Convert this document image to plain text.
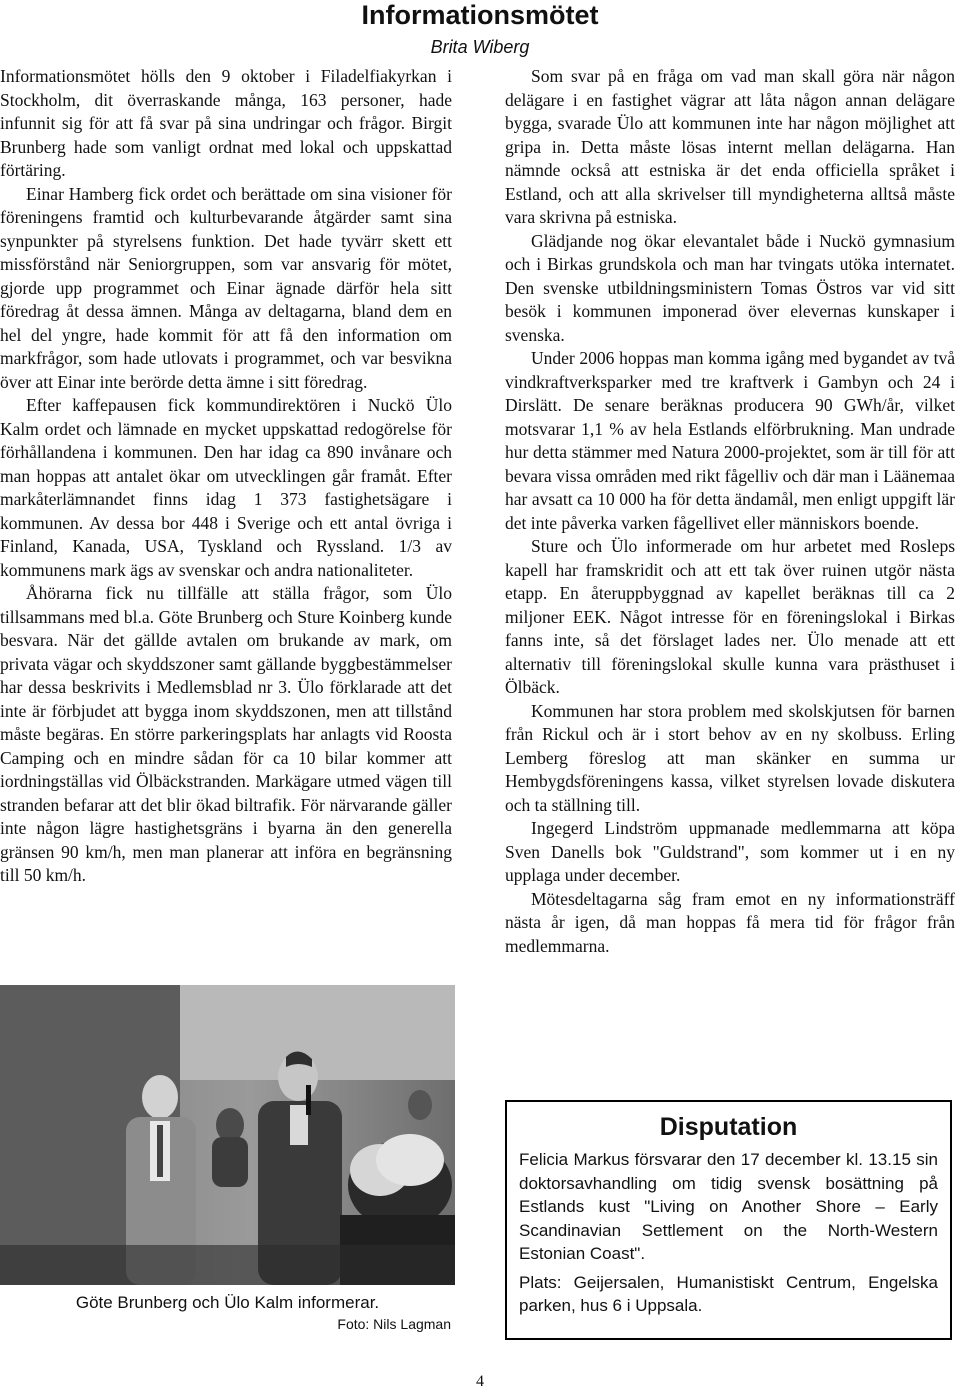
Informationsmötet
Brita Wiberg

Informationsmötet hölls den 9 oktober i Filadelfiakyrkan i Stockholm, dit överraskande många, 163 personer, hade infunnit sig för att få svar på sina undringar och frågor. Birgit Brunberg hade som vanligt ordnat med lokal och uppskattad förtäring.

Einar Hamberg fick ordet och berättade om sina visioner för föreningens framtid och kulturbevarande åtgärder samt sina synpunkter på styrelsens funktion. Det hade tyvärr skett ett missförstånd när Seniorgruppen, som var ansvarig för mötet, gjorde upp programmet och Einar ägnade därför hela sitt föredrag åt dessa ämnen. Många av deltagarna, bland dem en hel del yngre, hade kommit för att få den information om markfrågor, som hade utlovats i programmet, och var besvikna över att Einar inte berörde detta ämne i sitt föredrag.

Efter kaffepausen fick kommundirektören i Nuckö Ülo Kalm ordet och lämnade en mycket uppskattad redogörelse för förhållandena i kommunen. Den har idag ca 890 invånare och man hoppas att antalet ökar om utvecklingen går framåt. Efter markåterlämnandet finns idag 1 373 fastighetsägare i kommunen. Av dessa bor 448 i Sverige och ett antal övriga i Finland, Kanada, USA, Tyskland och Ryssland. 1/3 av kommunens mark ägs av svenskar och andra nationaliteter.

Åhörarna fick nu tillfälle att ställa frågor, som Ülo tillsammans med bl.a. Göte Brunberg och Sture Koinberg kunde besvara. När det gällde avtalen om brukande av mark, om privata vägar och skyddszoner samt gällande byggbestämmelser har dessa beskrivits i Medlemsblad nr 3. Ülo förklarade att det inte är förbjudet att bygga inom skyddszonen, men att tillstånd måste begäras. En större parkeringsplats har anlagts vid Roosta Camping och en mindre sådan för ca 10 bilar kommer att iordningställas vid Ölbäckstranden. Markägare utmed vägen till stranden befarar att det blir ökad biltrafik. För närvarande gäller inte någon lägre hastighetsgräns i byarna än den generella gränsen 90 km/h, men man planerar att införa en begränsning till 50 km/h.

Som svar på en fråga om vad man skall göra när någon delägare i en fastighet vägrar att låta någon annan delägare bygga, svarade Ülo att kommunen inte har någon möjlighet att gripa in. Detta måste lösas internt mellan delägarna. Han nämnde också att estniska är det enda officiella språket i Estland, och att alla skrivelser till myndigheterna alltså måste vara skrivna på estniska.

Glädjande nog ökar elevantalet både i Nuckö gymnasium och i Birkas grundskola och man har tvingats utöka internatet. Den svenske utbildningsministern Tomas Östros var vid sitt besök i kommunen imponerad över elevernas kunskaper i svenska.

Under 2006 hoppas man komma igång med bygandet av två vindkraftverksparker med tre kraftverk i Gambyn och 24 i Dirslätt. De senare beräknas producera 90 GWh/år, vilket motsvarar 1,1 % av hela Estlands elförbrukning. Man undrade hur detta stämmer med Natura 2000-projektet, som är till för att bevara vissa områden med rikt fågelliv och där man i Läänemaa har avsatt ca 10 000 ha för detta ändamål, men enligt uppgift lär det inte påverka varken fågellivet eller människors boende.

Sture och Ülo informerade om hur arbetet med Rosleps kapell har framskridit och att ett tak över ruinen utgör nästa etapp. En återuppbyggnad av kapellet beräknas till ca 2 miljoner EEK. Något intresse för en föreningslokal i Birkas fanns inte, så det förslaget lades ner. Ülo menade att ett alternativ till föreningslokal skulle kunna vara prästhuset i Ölbäck.

Kommunen har stora problem med skolskjutsen för barnen från Rickul och är i stort behov av en ny skolbuss. Erling Lemberg föreslog att man skänker en summa ur Hembygdsföreningens kassa, vilket styrelsen lovade diskutera och ta ställning till.

Ingegerd Lindström uppmanade medlemmarna att köpa Sven Danells bok "Guldstrand", som kommer ut i en ny upplaga under december.

Mötesdeltagarna såg fram emot en ny informationsträff nästa år igen, då man hoppas få mera tid för frågor från medlemmarna.

Göte Brunberg och Ülo Kalm informerar.
Foto: Nils Lagman
Disputation

Felicia Markus försvarar den 17 december kl. 13.15 sin doktorsavhandling om tidig svensk bosättning på Estlands kust "Living on Another Shore – Early Scandinavian Settlement on the North-Western Estonian Coast".

Plats: Geijersalen, Humanistiskt Centrum, Engelska parken, hus 6 i Uppsala.

4
